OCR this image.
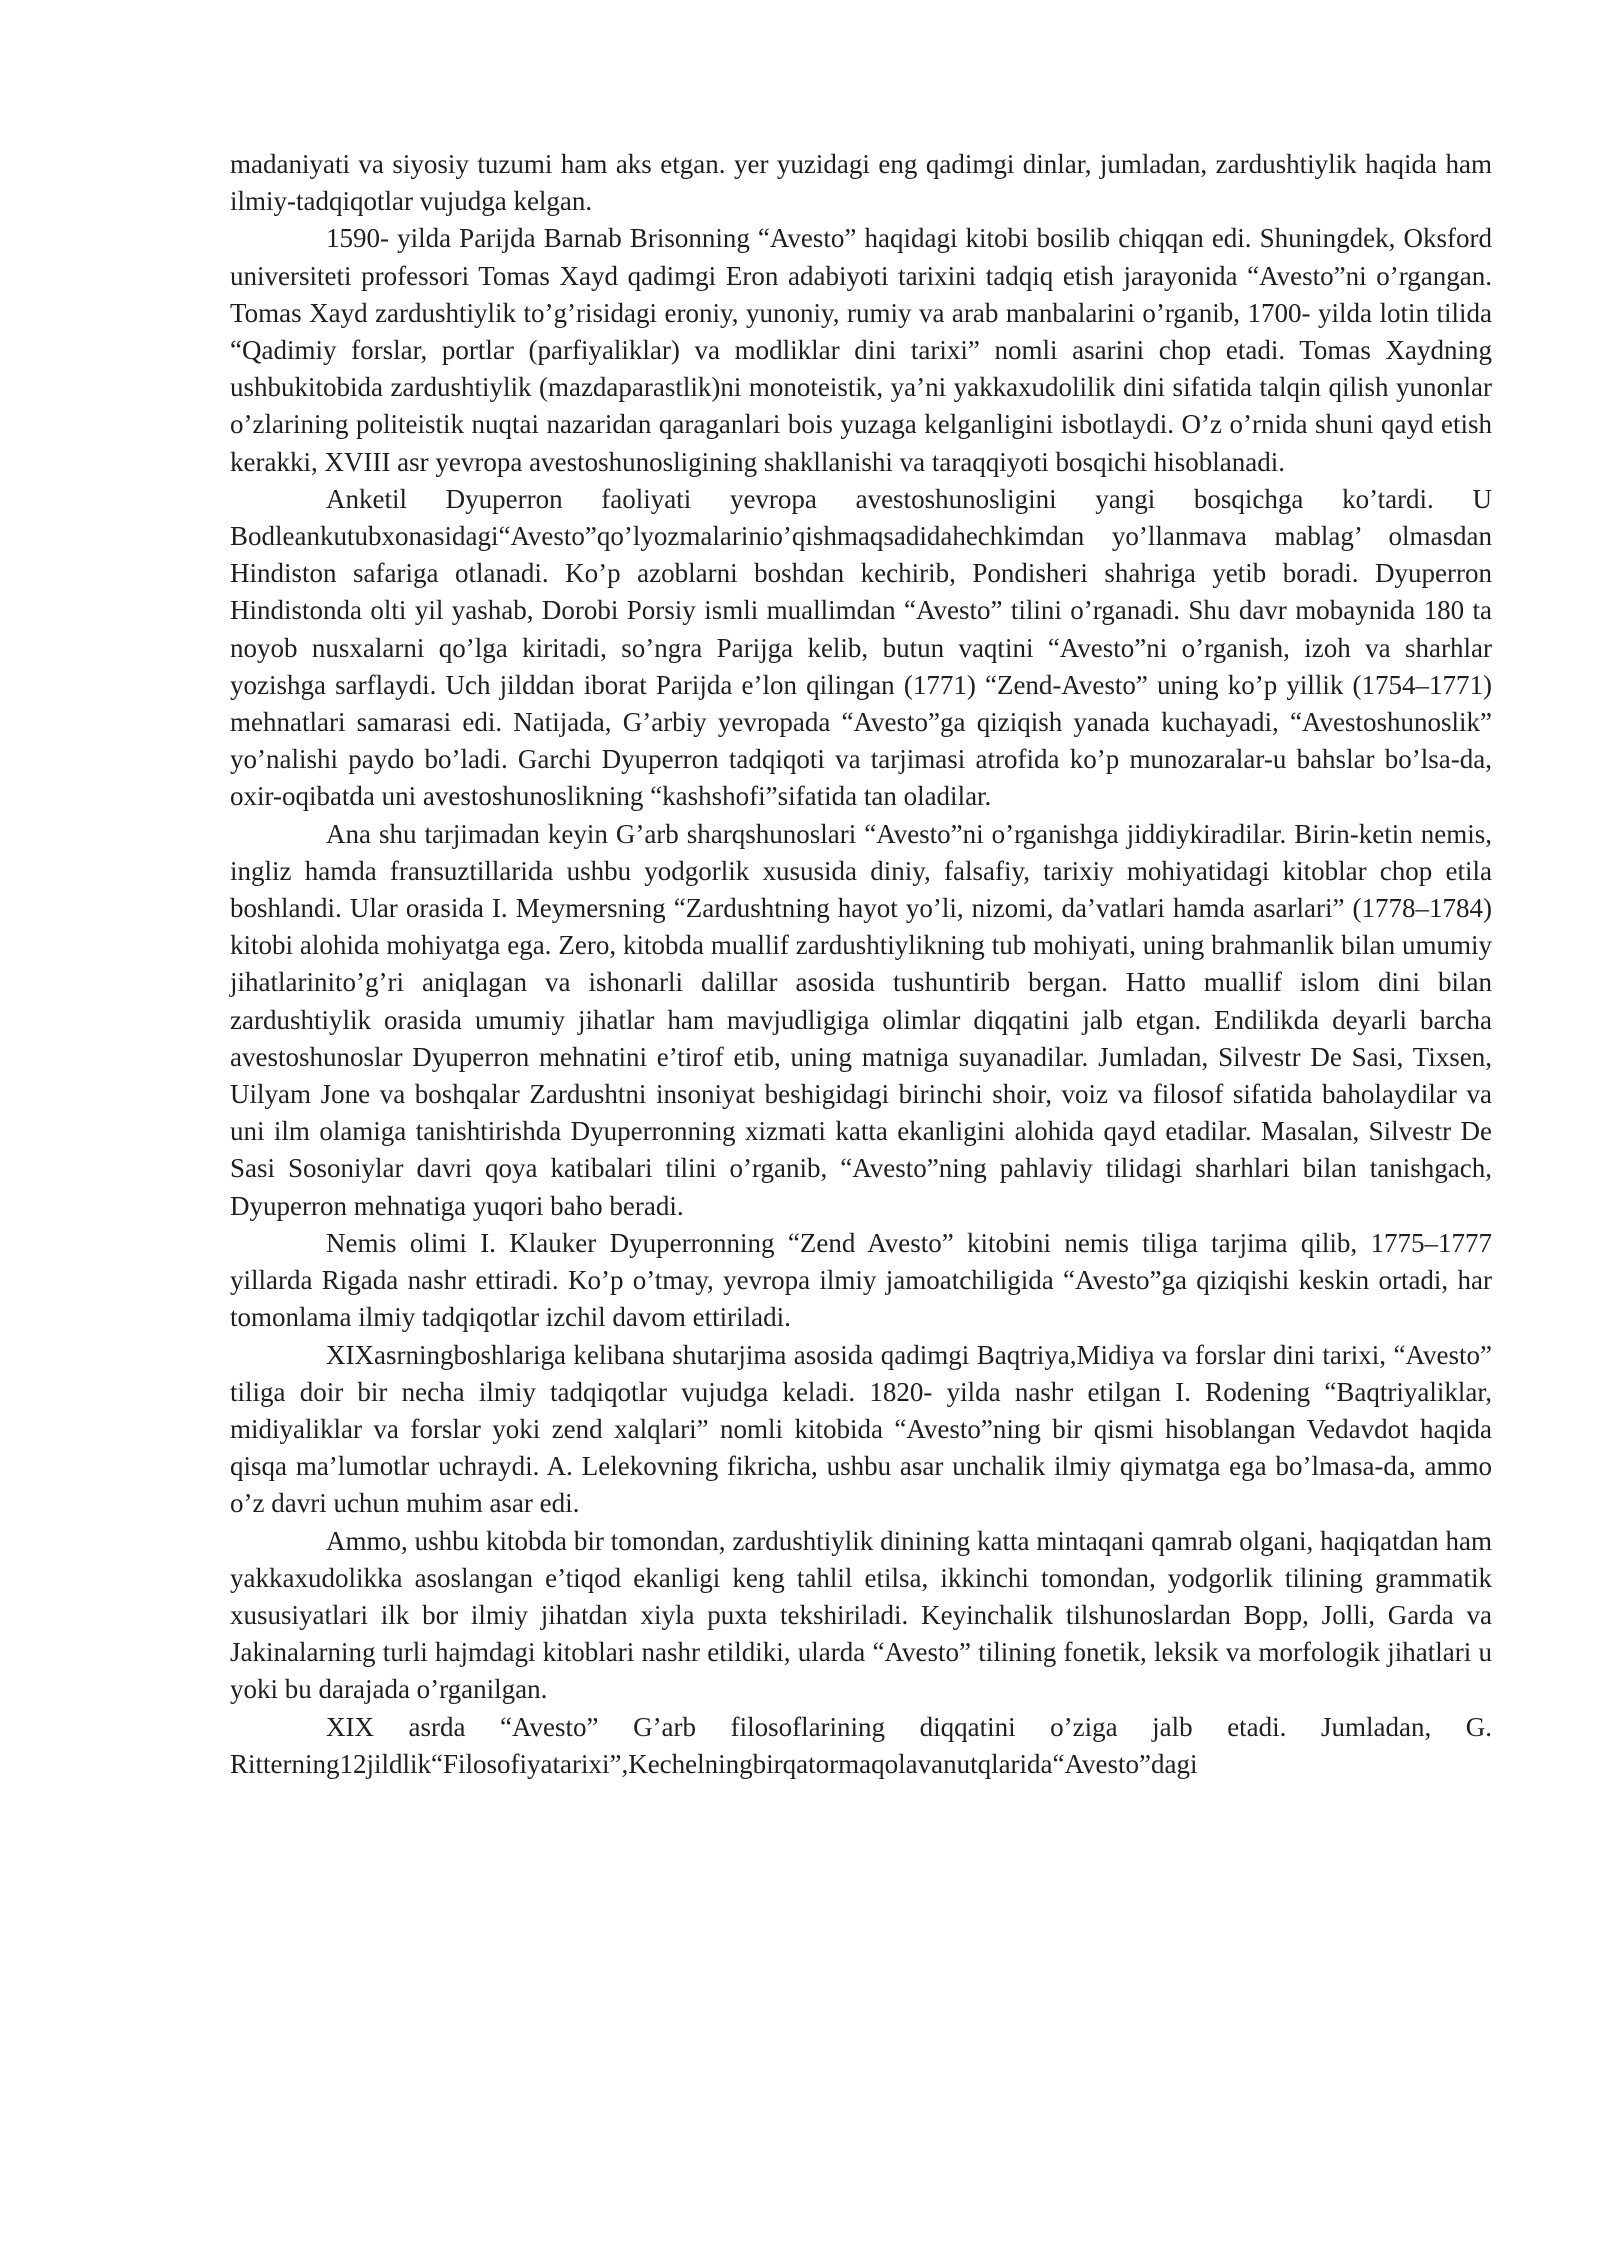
madaniyati va siyosiy tuzumi ham aks etgan. yer yuzidagi eng qadimgi dinlar, jumladan, zardushtiylik haqida ham ilmiy-tadqiqotlar vujudga kelgan.

1590- yilda Parijda Barnab Brisonning “Avesto” haqidagi kitobi bosilib chiqqan edi. Shuningdek, Oksford universiteti professori Tomas Xayd qadimgi Eron adabiyoti tarixini tadqiq etish jarayonida “Avesto”ni o’rgangan. Tomas Xayd zardushtiylik to’g’risidagi eroniy, yunoniy, rumiy va arab manbalarini o’rganib, 1700- yilda lotin tilida “Qadimiy forslar, portlar (parfiyaliklar) va modliklar dini tarixi” nomli asarini chop etadi. Tomas Xaydning ushbukitobida zardushtiylik (mazdaparastlik)ni monoteistik, ya’ni yakkaxudolilik dini sifatida talqin qilish yunonlar o’zlarining politeistik nuqtai nazaridan qaraganlari bois yuzaga kelganligini isbotlaydi. O’z o’rnida shuni qayd etish kerakki, XVIII asr yevropa avestoshunosligining shakllanishi va taraqqiyoti bosqichi hisoblanadi.

Anketil Dyuperron faoliyati yevropa avestoshunosligini yangi bosqichga ko’tardi. U Bodleankutubxonasidagi“Avesto”qo’lyozmalarinio’qishmaqsadidahechkimdan yo’llanmava mablag’ olmasdan Hindiston safariga otlanadi. Ko’p azoblarni boshdan kechirib, Pondisheri shahriga yetib boradi. Dyuperron Hindistonda olti yil yashab, Dorobi Porsiy ismli muallimdan “Avesto” tilini o’rganadi. Shu davr mobaynida 180 ta noyob nusxalarni qo’lga kiritadi, so’ngra Parijga kelib, butun vaqtini “Avesto”ni o’rganish, izoh va sharhlar yozishga sarflaydi. Uch jilddan iborat Parijda e’lon qilingan (1771) “Zend-Avesto” uning ko’p yillik (1754–1771) mehnatlari samarasi edi. Natijada, G’arbiy yevropada “Avesto”ga qiziqish yanada kuchayadi, “Avestoshunoslik” yo’nalishi paydo bo’ladi. Garchi Dyuperron tadqiqoti va tarjimasi atrofida ko’p munozaralar-u bahslar bo’lsa-da, oxir-oqibatda uni avestoshunoslikning “kashshofi”sifatida tan oladilar.

Ana shu tarjimadan keyin G’arb sharqshunoslari “Avesto”ni o’rganishga jiddiykiradilar. Birin-ketin nemis, ingliz hamda fransuztillarida ushbu yodgorlik xususida diniy, falsafiy, tarixiy mohiyatidagi kitoblar chop etila boshlandi. Ular orasida I. Meymersning “Zardushtning hayot yo’li, nizomi, da’vatlari hamda asarlari” (1778–1784) kitobi alohida mohiyatga ega. Zero, kitobda muallif zardushtiylikning tub mohiyati, uning brahmanlik bilan umumiy jihatlarinito’g’ri aniqlagan va ishonarli dalillar asosida tushuntirib bergan. Hatto muallif islom dini bilan zardushtiylik orasida umumiy jihatlar ham mavjudligiga olimlar diqqatini jalb etgan. Endilikda deyarli barcha avestoshunoslar Dyuperron mehnatini e’tirof etib, uning matniga suyanadilar. Jumladan, Silvestr De Sasi, Tixsen, Uilyam Jone va boshqalar Zardushtni insoniyat beshigidagi birinchi shoir, voiz va filosof sifatida baholaydilar va uni ilm olamiga tanishtirishda Dyuperronning xizmati katta ekanligini alohida qayd etadilar. Masalan, Silvestr De Sasi Sosoniylar davri qoya katibalari tilini o’rganib, “Avesto”ning pahlaviy tilidagi sharhlari bilan tanishgach, Dyuperron mehnatiga yuqori baho beradi.

Nemis olimi I. Klauker Dyuperronning “Zend Avesto” kitobini nemis tiliga tarjima qilib, 1775–1777 yillarda Rigada nashr ettiradi. Ko’p o’tmay, yevropa ilmiy jamoatchiligida “Avesto”ga qiziqishi keskin ortadi, har tomonlama ilmiy tadqiqotlar izchil davom ettiriladi.

XIXasrningboshlariga kelibana shutarjima asosida qadimgi Baqtriya,Midiya va forslar dini tarixi, “Avesto” tiliga doir bir necha ilmiy tadqiqotlar vujudga keladi. 1820- yilda nashr etilgan I. Rodening “Baqtriyaliklar, midiyaliklar va forslar yoki zend xalqlari” nomli kitobida “Avesto”ning bir qismi hisoblangan Vedavdot haqida qisqa ma’lumotlar uchraydi. A. Lelekovning fikricha, ushbu asar unchalik ilmiy qiymatga ega bo’lmasa-da, ammo o’z davri uchun muhim asar edi.

Ammo, ushbu kitobda bir tomondan, zardushtiylik dinining katta mintaqani qamrab olgani, haqiqatdan ham yakkaxudolikka asoslangan e’tiqod ekanligi keng tahlil etilsa, ikkinchi tomondan, yodgorlik tilining grammatik xususiyatlari ilk bor ilmiy jihatdan xiyla puxta tekshiriladi. Keyinchalik tilshunoslardan Bopp, Jolli, Garda va Jakinalarning turli hajmdagi kitoblari nashr etildiki, ularda “Avesto” tilining fonetik, leksik va morfologik jihatlari u yoki bu darajada o’rganilgan.

XIX asrda “Avesto” G’arb filosoflarining diqqatini o’ziga jalb etadi. Jumladan, G. Ritterning12jildlik“Filosofiyatarixi”,Kechelningbirqatormaqolavanutqlarida“Avesto”dagi
